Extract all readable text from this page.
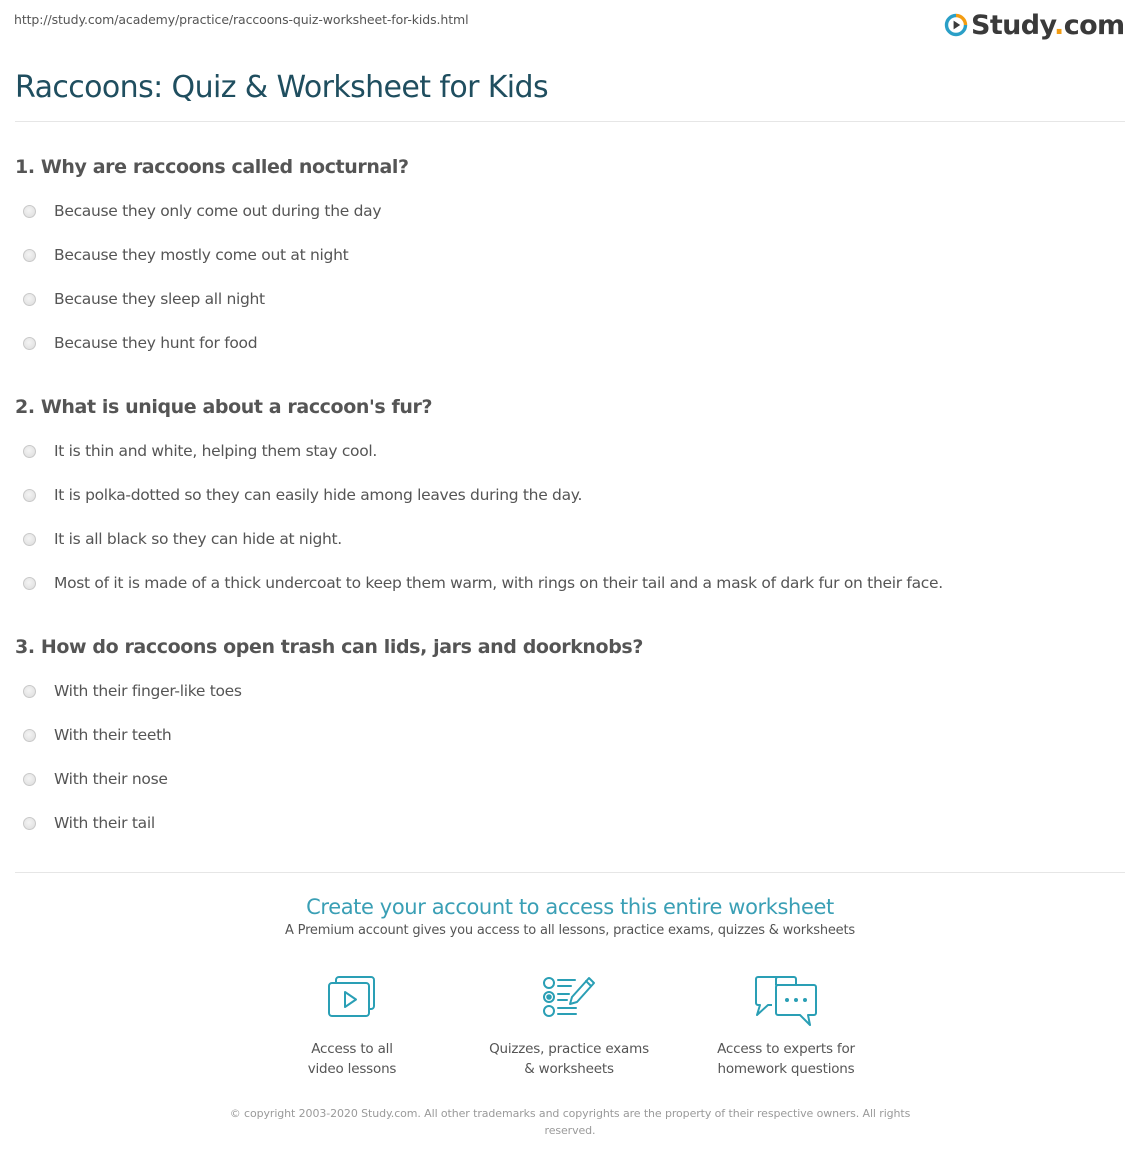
http://study.com/academy/practice/raccoons-quiz-worksheet-for-kids.html	Study.com
Raccoons: Quiz & Worksheet for Kids
1. Why are raccoons called nocturnal?
Because they only come out during the day
Because they mostly come out at night
Because they sleep all night
Because they hunt for food
2. What is unique about a raccoon's fur?
It is thin and white, helping them stay cool.
It is polka-dotted so they can easily hide among leaves during the day.
It is all black so they can hide at night.
Most of it is made of a thick undercoat to keep them warm, with rings on their tail and a mask of dark fur on their face.
3. How do raccoons open trash can lids, jars and doorknobs?
With their finger-like toes
With their teeth
With their nose
With their tail
Create your account to access this entire worksheet
A Premium account gives you access to all lessons, practice exams, quizzes & worksheets
Access to all
video lessons
Quizzes, practice exams
& worksheets
Access to experts for
homework questions
© copyright 2003-2020 Study.com. All other trademarks and copyrights are the property of their respective owners. All rights reserved.
